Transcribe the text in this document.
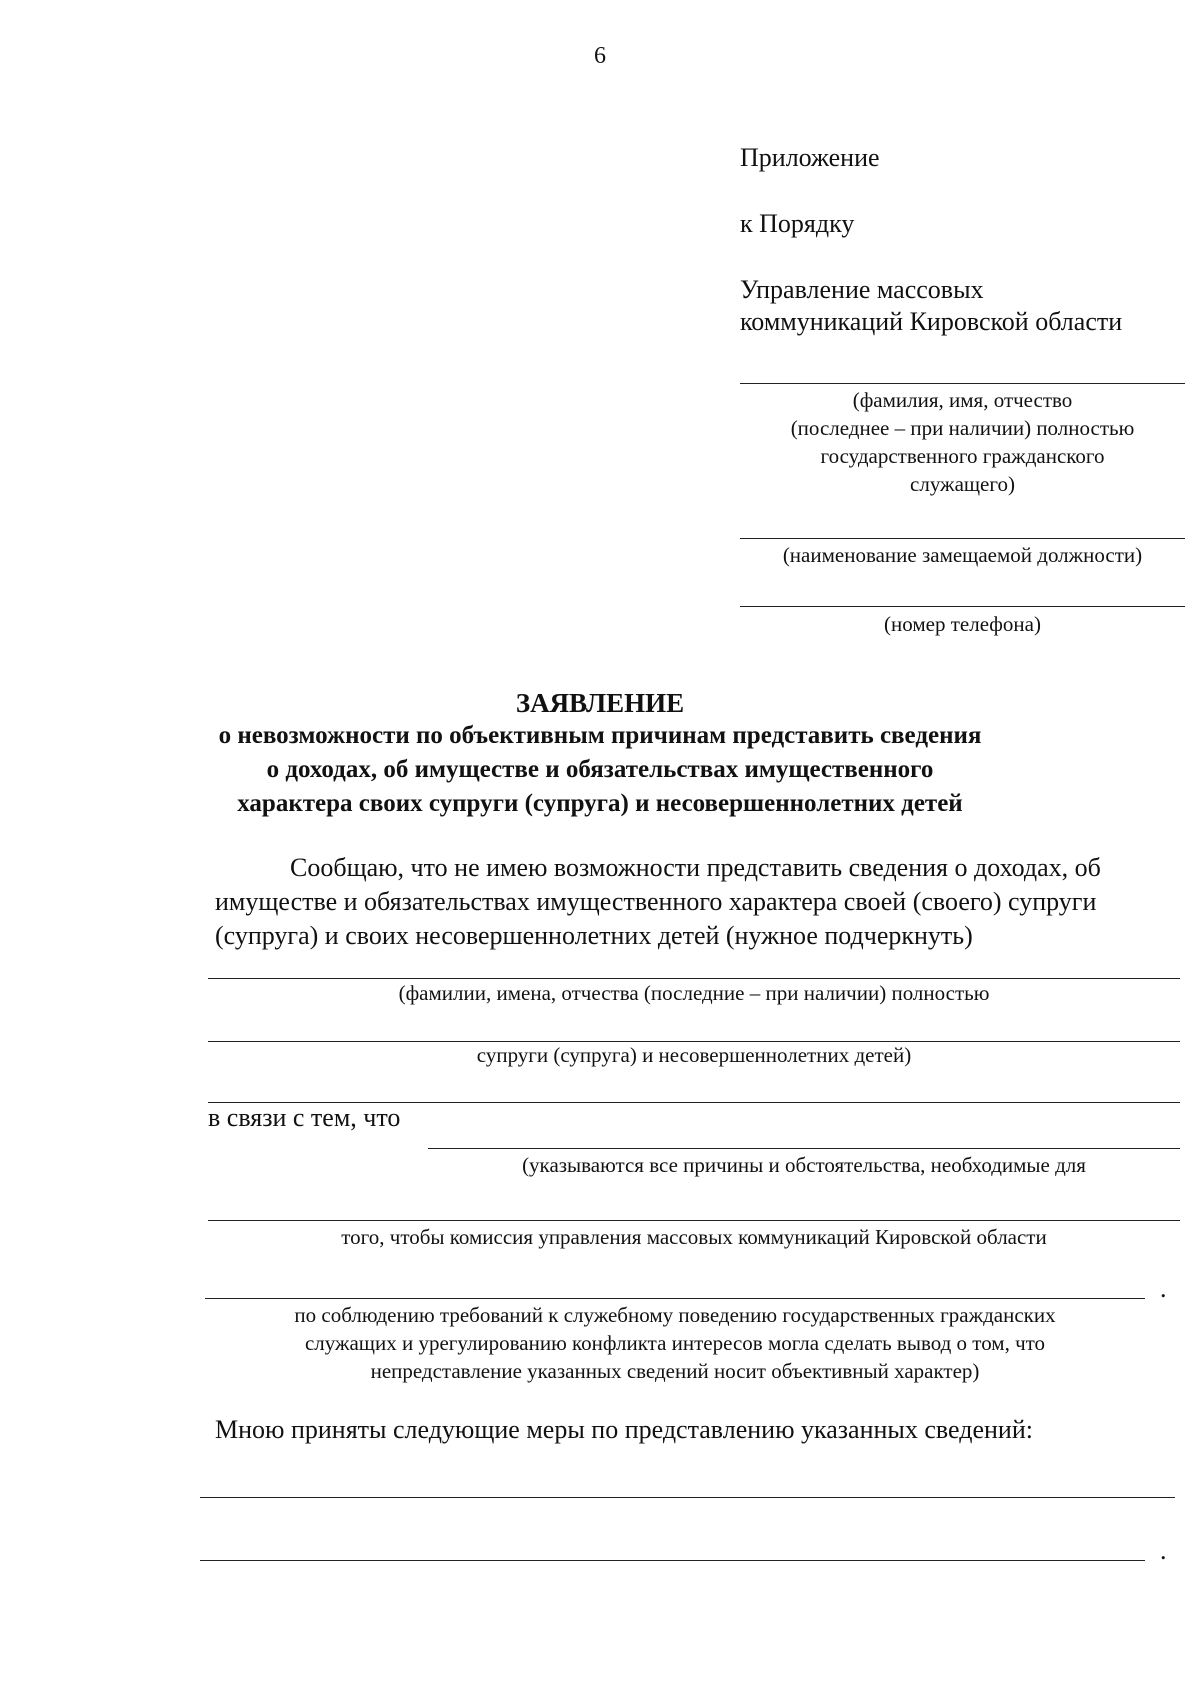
6
Приложение
к Порядку
Управление массовых
коммуникаций Кировской области
(фамилия, имя, отчество
(последнее – при наличии) полностью
государственного гражданского
служащего)
(наименование замещаемой должности)
(номер телефона)
ЗАЯВЛЕНИЕ
о невозможности по объективным причинам представить сведения
о доходах, об имуществе и обязательствах имущественного
характера своих супруги (супруга) и несовершеннолетних детей
Сообщаю, что не имею возможности представить сведения о доходах, об
имуществе и обязательствах имущественного характера своей (своего) супруги
(супруга) и своих несовершеннолетних детей (нужное подчеркнуть)
(фамилии, имена, отчества (последние – при наличии) полностью
супруги (супруга) и несовершеннолетних детей)
в связи с тем, что
(указываются все причины и обстоятельства, необходимые для
того, чтобы комиссия управления массовых коммуникаций Кировской области
.
по соблюдению требований к служебному поведению государственных гражданских
служащих и урегулированию конфликта интересов могла сделать вывод о том, что
непредставление указанных сведений носит объективный характер)
Мною приняты следующие меры по представлению указанных сведений:
.
